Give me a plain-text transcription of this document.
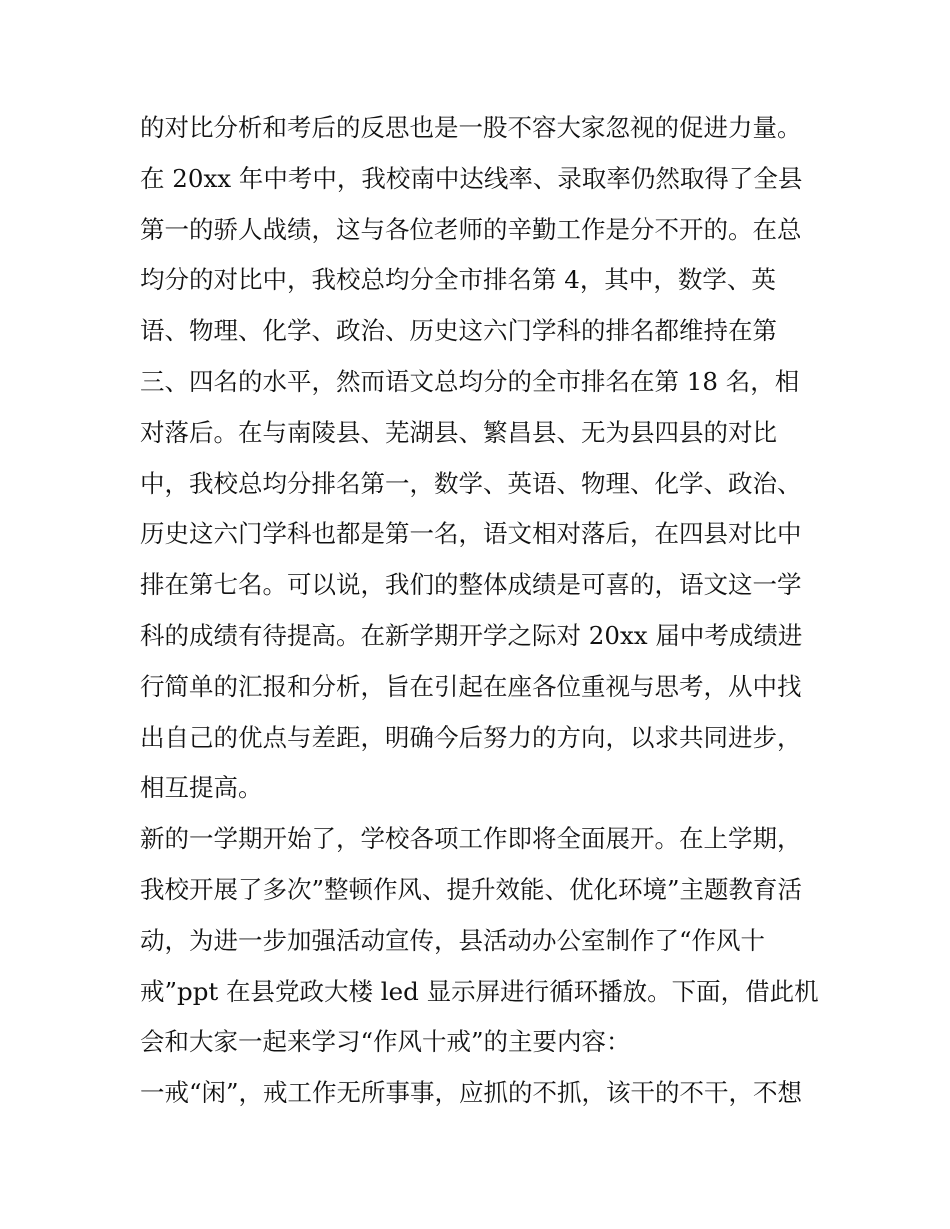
的对比分析和考后的反思也是一股不容大家忽视的促进力量。
在 20xx 年中考中，我校南中达线率、录取率仍然取得了全县
第一的骄人战绩，这与各位老师的辛勤工作是分不开的。在总
均分的对比中，我校总均分全市排名第 4，其中，数学、英
语、物理、化学、政治、历史这六门学科的排名都维持在第
三、四名的水平，然而语文总均分的全市排名在第 18 名，相
对落后。在与南陵县、芜湖县、繁昌县、无为县四县的对比
中，我校总均分排名第一，数学、英语、物理、化学、政治、
历史这六门学科也都是第一名，语文相对落后，在四县对比中
排在第七名。可以说，我们的整体成绩是可喜的，语文这一学
科的成绩有待提高。在新学期开学之际对 20xx 届中考成绩进
行简单的汇报和分析，旨在引起在座各位重视与思考，从中找
出自己的优点与差距，明确今后努力的方向，以求共同进步，
相互提高。
新的一学期开始了，学校各项工作即将全面展开。在上学期，
我校开展了多次”整顿作风、提升效能、优化环境”主题教育活
动，为进一步加强活动宣传，县活动办公室制作了“作风十
戒”ppt 在县党政大楼 led 显示屏进行循环播放。下面，借此机
会和大家一起来学习“作风十戒”的主要内容：
一戒“闲”，戒工作无所事事，应抓的不抓，该干的不干，不想
